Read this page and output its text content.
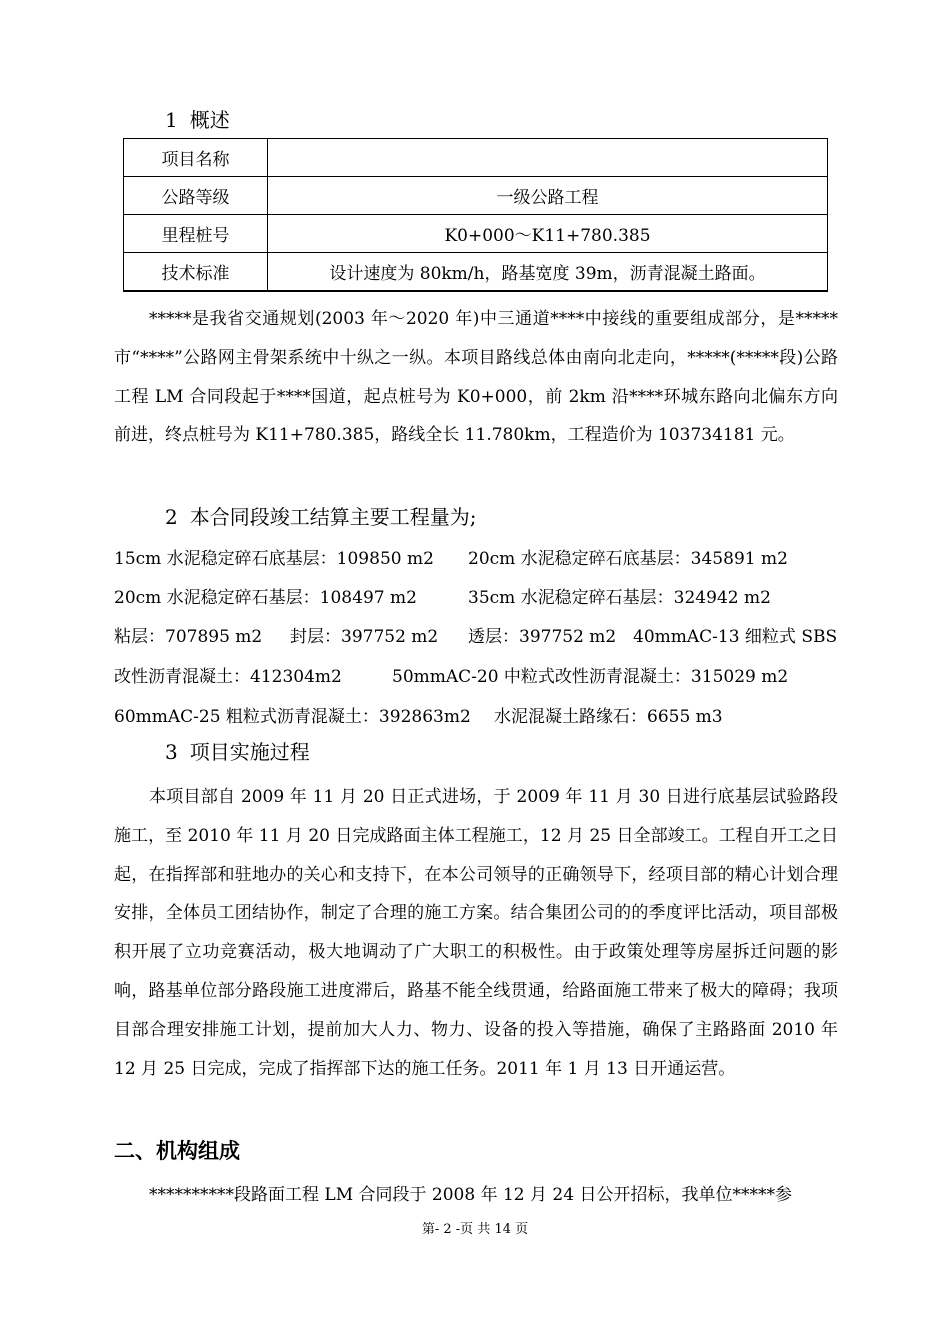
1 概述
项目名称	
公路等级	一级公路工程
里程桩号	K0+000～K11+780.385
技术标准	设计速度为 80km/h，路基宽度 39m，沥青混凝土路面。

*****是我省交通规划(2003 年～2020 年)中三通道****中接线的重要组成部分，是*****市“****”公路网主骨架系统中十纵之一纵。本项目路线总体由南向北走向，*****(*****段)公路工程 LM 合同段起于****国道，起点桩号为 K0+000，前 2km 沿****环城东路向北偏东方向前进，终点桩号为 K11+780.385，路线全长 11.780km，工程造价为 103734181 元。

2 本合同段竣工结算主要工程量为;
15cm 水泥稳定碎石底基层：109850 m2 20cm 水泥稳定碎石底基层：345891 m2
20cm 水泥稳定碎石基层：108497 m2	35cm 水泥稳定碎石基层：324942 m2
粘层：707895 m2 封层：397752 m2 透层：397752 m2 40mmAC-13 细粒式 SBS
改性沥青混凝土：412304m2	50mmAC-20 中粒式改性沥青混凝土：315029 m2
60mmAC-25 粗粒式沥青混凝土：392863m2 水泥混凝土路缘石：6655 m3
3 项目实施过程

本项目部自 2009 年 11 月 20 日正式进场，于 2009 年 11 月 30 日进行底基层试验路段施工，至 2010 年 11 月 20 日完成路面主体工程施工，12 月 25 日全部竣工。工程自开工之日起，在指挥部和驻地办的关心和支持下，在本公司领导的正确领导下，经项目部的精心计划合理安排，全体员工团结协作，制定了合理的施工方案。结合集团公司的的季度评比活动，项目部极积开展了立功竞赛活动，极大地调动了广大职工的积极性。由于政策处理等房屋拆迁问题的影响，路基单位部分路段施工进度滞后，路基不能全线贯通，给路面施工带来了极大的障碍；我项目部合理安排施工计划，提前加大人力、物力、设备的投入等措施，确保了主路路面 2010 年 12 月 25 日完成，完成了指挥部下达的施工任务。2011 年 1 月 13 日开通运营。

二、机构组成

**********段路面工程 LM 合同段于 2008 年 12 月 24 日公开招标，我单位*****参

第- 2 -页 共 14 页
